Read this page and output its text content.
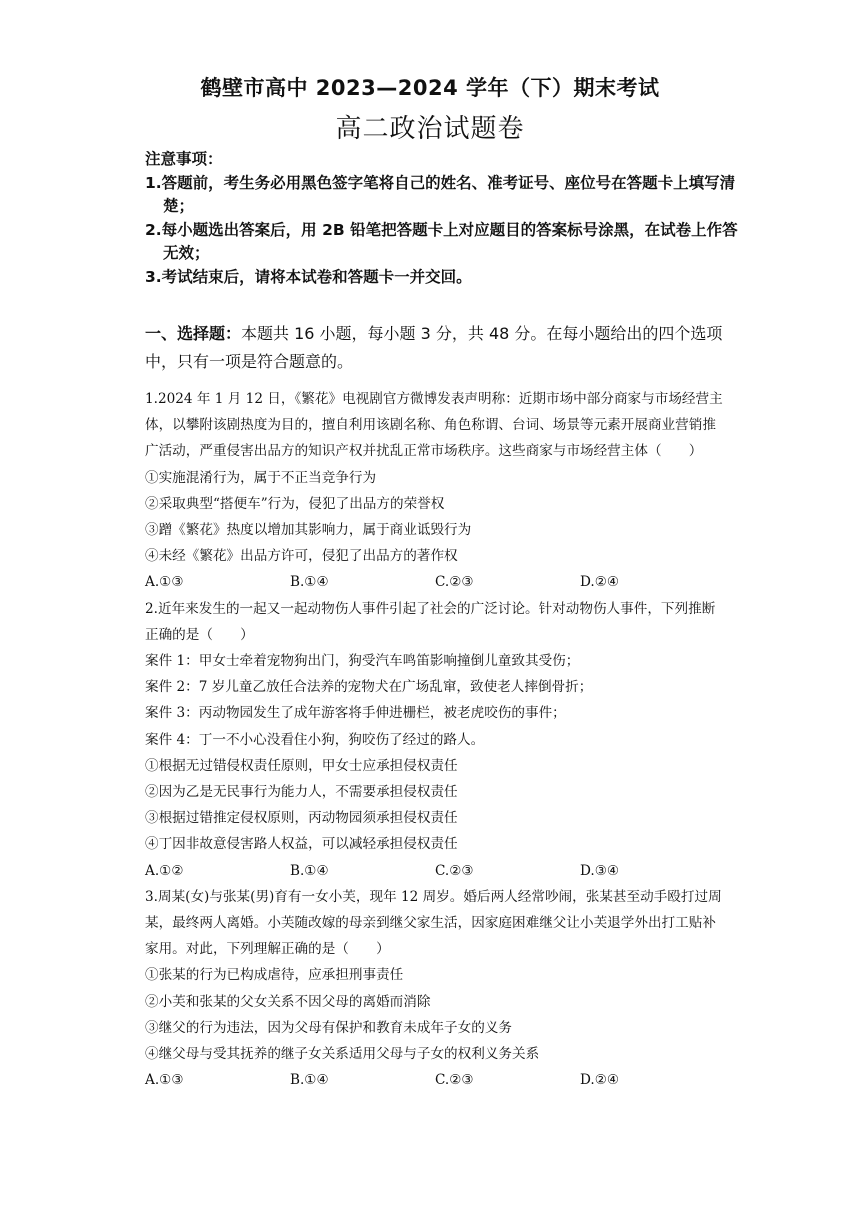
鹤壁市高中 2023—2024 学年（下）期末考试
高二政治试题卷
注意事项：
1.答题前，考生务必用黑色签字笔将自己的姓名、准考证号、座位号在答题卡上填写清楚；
2.每小题选出答案后，用 2B 铅笔把答题卡上对应题目的答案标号涂黑，在试卷上作答无效；
3.考试结束后，请将本试卷和答题卡一并交回。
一、选择题：本题共 16 小题，每小题 3 分，共 48 分。在每小题给出的四个选项中，只有一项是符合题意的。

1.2024 年 1 月 12 日，《繁花》电视剧官方微博发表声明称：近期市场中部分商家与市场经营主体，以攀附该剧热度为目的，擅自利用该剧名称、角色称谓、台词、场景等元素开展商业营销推广活动，严重侵害出品方的知识产权并扰乱正常市场秩序。这些商家与市场经营主体（　　）

①实施混淆行为，属于不正当竞争行为

②采取典型“搭便车”行为，侵犯了出品方的荣誉权

③蹭《繁花》热度以增加其影响力，属于商业诋毁行为

④未经《繁花》出品方许可，侵犯了出品方的著作权

A.①③	B.①④	C.②③	D.②④

2.近年来发生的一起又一起动物伤人事件引起了社会的广泛讨论。针对动物伤人事件，下列推断正确的是（　　）

案件 1：甲女士牵着宠物狗出门，狗受汽车鸣笛影响撞倒儿童致其受伤；

案件 2：7 岁儿童乙放任合法养的宠物犬在广场乱窜，致使老人摔倒骨折；

案件 3：丙动物园发生了成年游客将手伸进栅栏，被老虎咬伤的事件；

案件 4：丁一不小心没看住小狗，狗咬伤了经过的路人。

①根据无过错侵权责任原则，甲女士应承担侵权责任

②因为乙是无民事行为能力人，不需要承担侵权责任

③根据过错推定侵权原则，丙动物园须承担侵权责任

④丁因非故意侵害路人权益，可以减轻承担侵权责任

A.①②	B.①④	C.②③	D.③④

3.周某(女)与张某(男)育有一女小芙，现年 12 周岁。婚后两人经常吵闹，张某甚至动手殴打过周某，最终两人离婚。小芙随改嫁的母亲到继父家生活，因家庭困难继父让小芙退学外出打工贴补家用。对此，下列理解正确的是（　　）

①张某的行为已构成虐待，应承担刑事责任

②小芙和张某的父女关系不因父母的离婚而消除

③继父的行为违法，因为父母有保护和教育未成年子女的义务

④继父母与受其抚养的继子女关系适用父母与子女的权利义务关系

A.①③	B.①④	C.②③	D.②④
